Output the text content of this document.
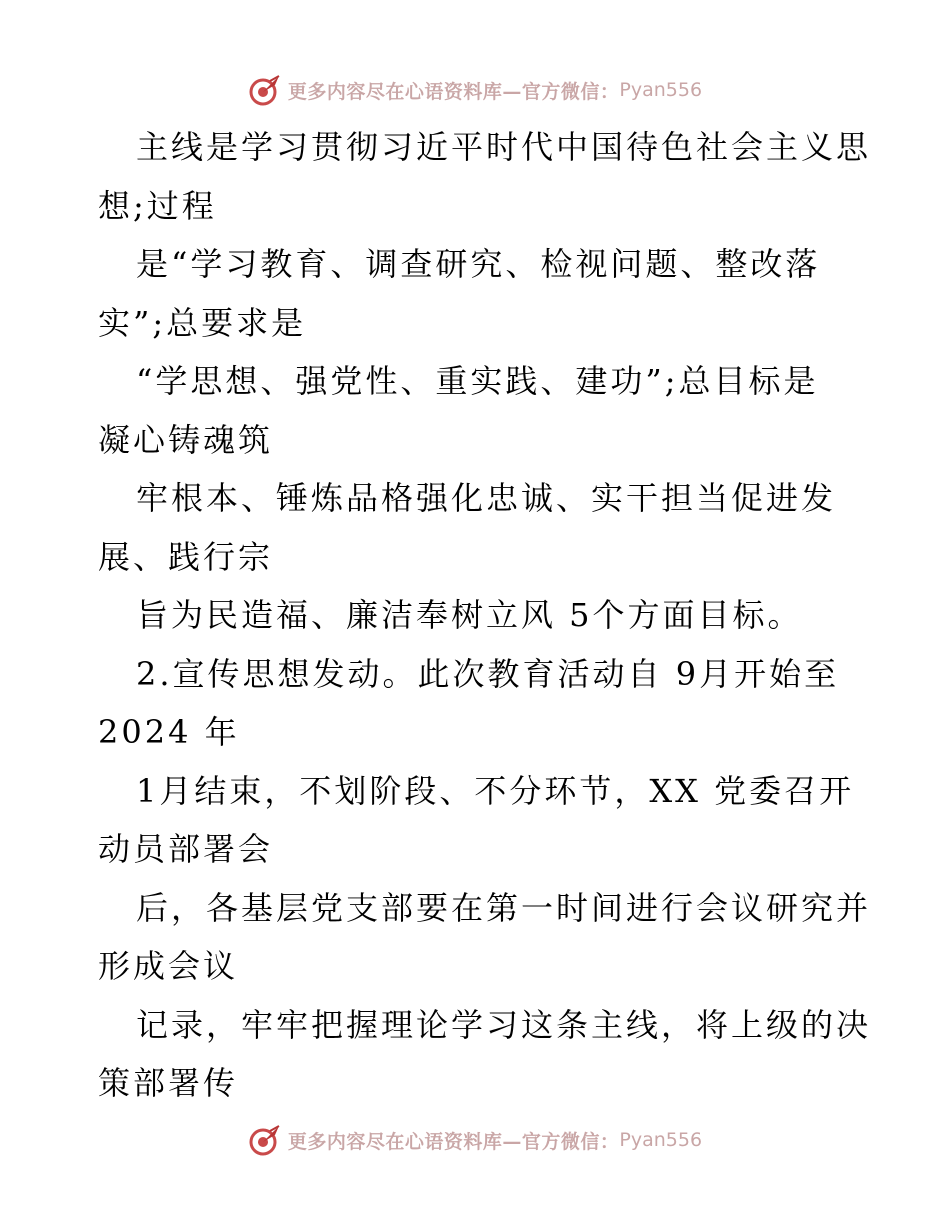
更多内容尽在心语资料库—官方微信： Pyan556
主线是学习贯彻习近平时代中国待色社会主义思
想;过程
是“学习教育、调查研究、检视问题、整改落
实”;总要求是
“学思想、强党性、重实践、建功”;总目标是
凝心铸魂筑
牢根本、锤炼品格强化忠诚、实干担当促进发
展、践行宗
旨为民造福、廉洁奉树立风 5个方面目标。
2.宣传思想发动。此次教育活动自 9月开始至
2024 年
1月结束，不划阶段、不分环节，XX 党委召开
动员部署会
后，各基层党支部要在第一时间进行会议研究并
形成会议
记录，牢牢把握理论学习这条主线，将上级的决
策部署传
更多内容尽在心语资料库—官方微信： Pyan556
